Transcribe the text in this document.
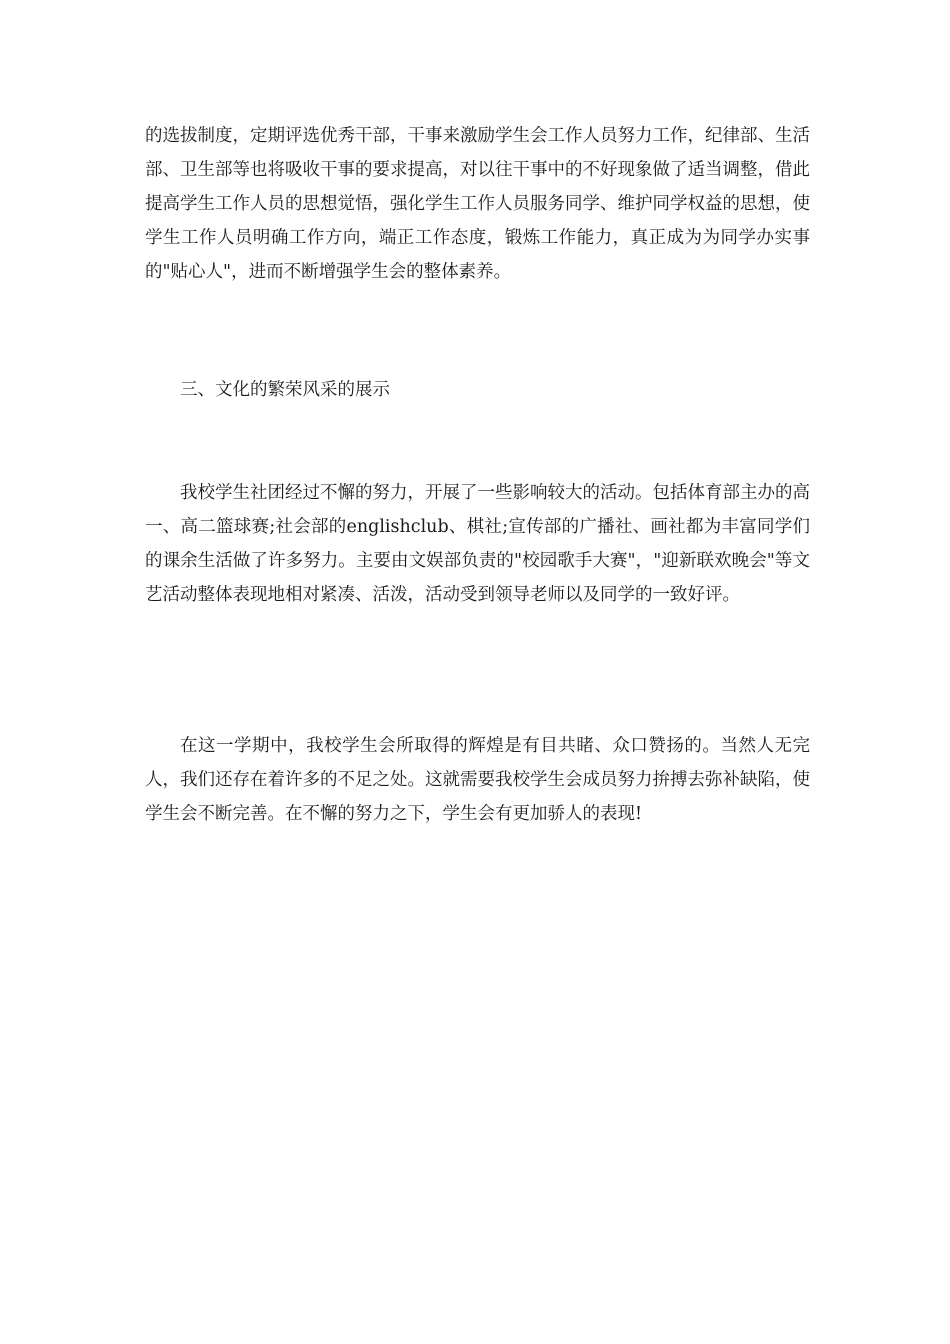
的选拔制度，定期评选优秀干部，干事来激励学生会工作人员努力工作，纪律部、生活部、卫生部等也将吸收干事的要求提高，对以往干事中的不好现象做了适当调整，借此提高学生工作人员的思想觉悟，强化学生工作人员服务同学、维护同学权益的思想，使学生工作人员明确工作方向，端正工作态度，锻炼工作能力，真正成为为同学办实事的"贴心人"，进而不断增强学生会的整体素养。

三、文化的繁荣风采的展示

我校学生社团经过不懈的努力，开展了一些影响较大的活动。包括体育部主办的高一、高二篮球赛;社会部的englishclub、棋社;宣传部的广播社、画社都为丰富同学们的课余生活做了许多努力。主要由文娱部负责的"校园歌手大赛"，"迎新联欢晚会"等文艺活动整体表现地相对紧凑、活泼，活动受到领导老师以及同学的一致好评。

在这一学期中，我校学生会所取得的辉煌是有目共睹、众口赞扬的。当然人无完人，我们还存在着许多的不足之处。这就需要我校学生会成员努力拚搏去弥补缺陷，使学生会不断完善。在不懈的努力之下，学生会有更加骄人的表现!
